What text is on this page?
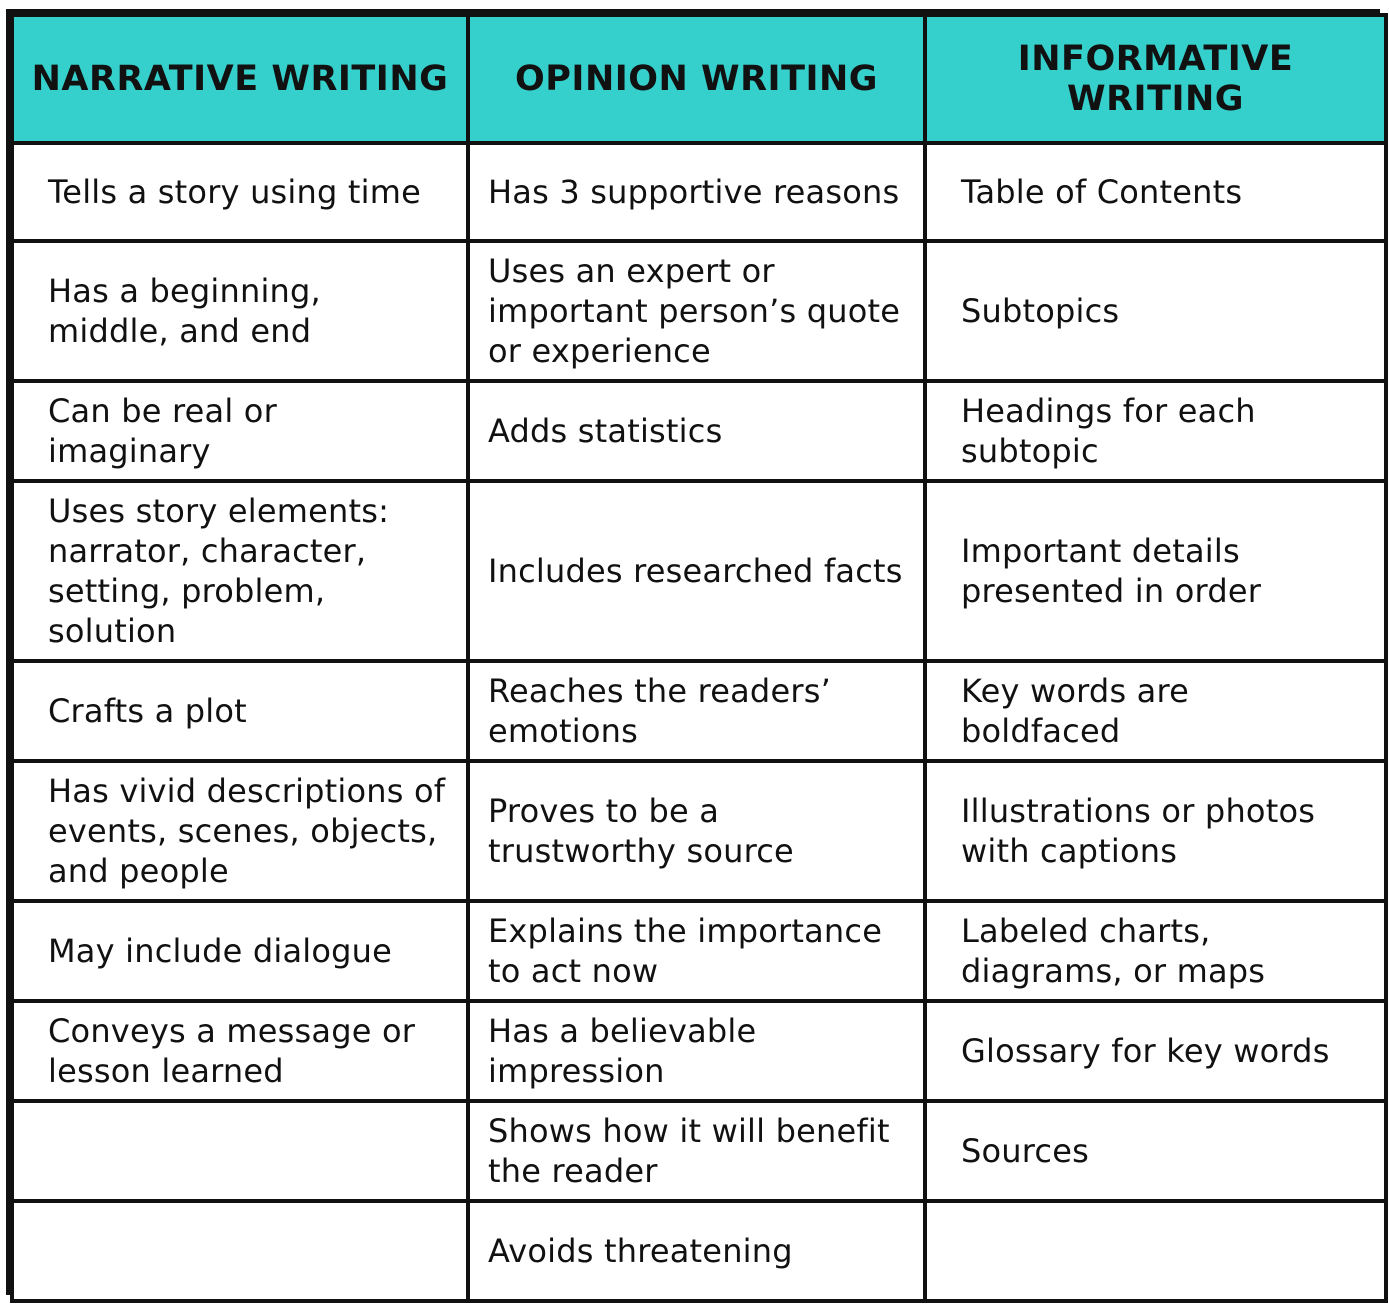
NARRATIVE WRITING	OPINION WRITING	INFORMATIVE WRITING

Tells a story using time	Has 3 supportive reasons	Table of Contents

Has a beginning,
middle, and end	Uses an expert or
important person’s quote
or experience	Subtopics

Can be real or
imaginary	Adds statistics	Headings for each
subtopic

Uses story elements:
narrator, character,
setting, problem,
solution	Includes researched facts	Important details
presented in order

Crafts a plot	Reaches the readers’
emotions	Key words are
boldfaced

Has vivid descriptions of
events, scenes, objects,
and people	Proves to be a
trustworthy source	Illustrations or photos
with captions

May include dialogue	Explains the importance
to act now	Labeled charts,
diagrams, or maps

Conveys a message or
lesson learned	Has a believable
impression	Glossary for key words

	Shows how it will benefit
the reader	Sources

	Avoids threatening	
